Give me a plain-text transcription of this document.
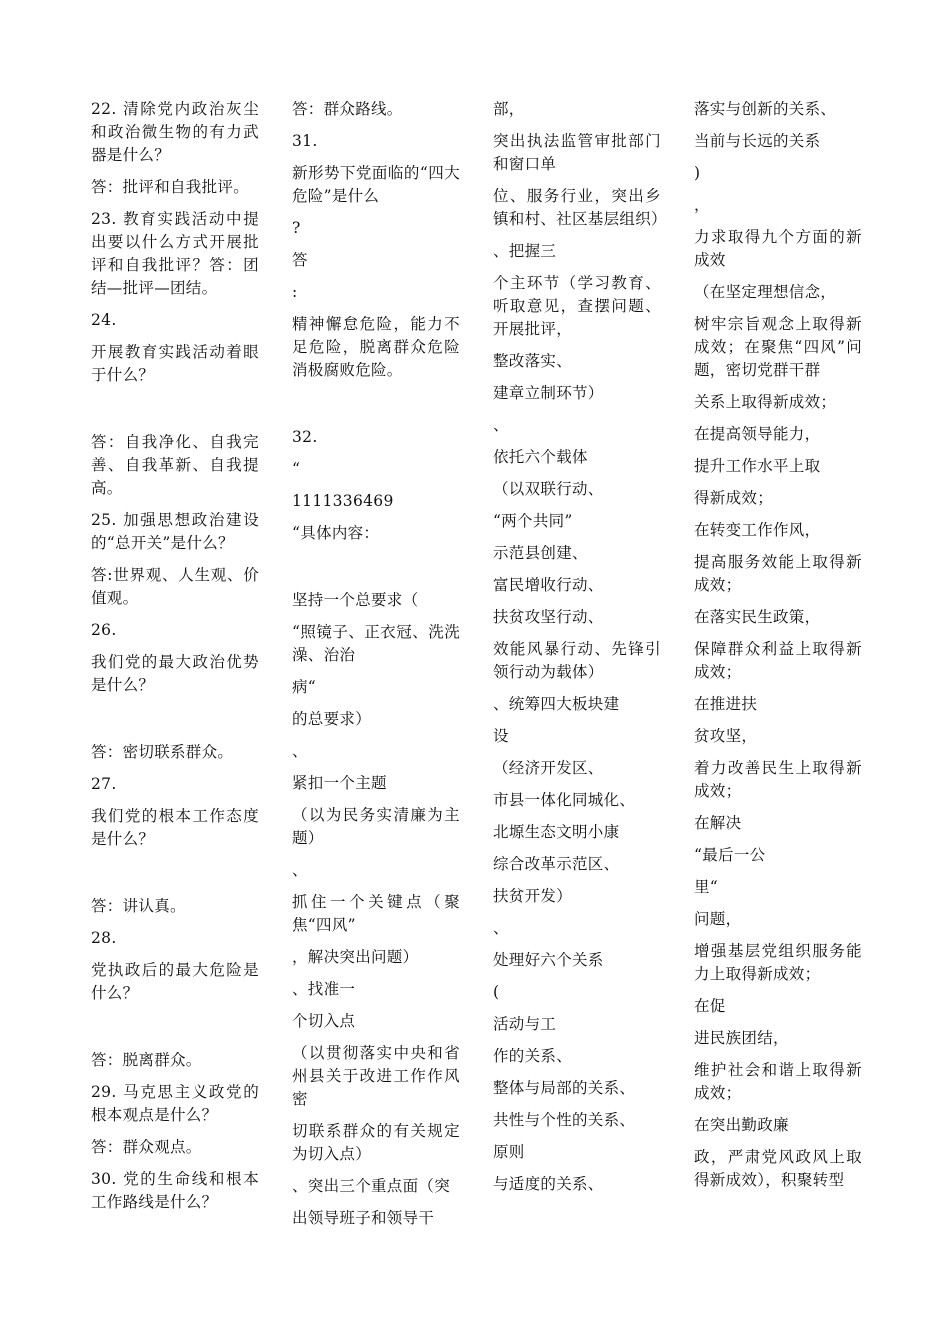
22. 清除党内政治灰尘和政治微生物的有力武器是什么？

答：批评和自我批评。

23. 教育实践活动中提出要以什么方式开展批评和自我批评？答：团结—批评—团结。

24.

开展教育实践活动着眼于什么？

答：自我净化、自我完善、自我革新、自我提高。

25. 加强思想政治建设的“总开关”是什么？

答:世界观、人生观、价值观。

26.

我们党的最大政治优势是什么？

答：密切联系群众。

27.

我们党的根本工作态度是什么？

答：讲认真。

28.

党执政后的最大危险是什么？

答：脱离群众。

29. 马克思主义政党的根本观点是什么？

答：群众观点。

30. 党的生命线和根本工作路线是什么？

答：群众路线。

31.

新形势下党面临的“四大危险”是什么

?

答

:

精神懈怠危险，能力不足危险，脱离群众危险消极腐败危险。

32.

“

1111336469

“具体内容：

坚持一个总要求（

“照镜子、正衣冠、洗洗澡、治治

病“

的总要求）

、

紧扣一个主题

（以为民务实清廉为主题）

、

抓住一个关键点（聚焦“四风”

，解决突出问题）

、找准一

个切入点

（以贯彻落实中央和省州县关于改进工作作风密

切联系群众的有关规定为切入点）

、突出三个重点面（突

出领导班子和领导干

部，

突出执法监管审批部门和窗口单

位、服务行业，突出乡镇和村、社区基层组织）

、把握三

个主环节（学习教育、听取意见，查摆问题、开展批评，

整改落实、

建章立制环节）

、

依托六个载体

（以双联行动、

“两个共同”

示范县创建、

富民增收行动、

扶贫攻坚行动、

效能风暴行动、先锋引领行动为载体）

、统筹四大板块建

设

（经济开发区、

市县一体化同城化、

北塬生态文明小康

综合改革示范区、

扶贫开发）

、

处理好六个关系

(

活动与工

作的关系、

整体与局部的关系、

共性与个性的关系、

原则

与适度的关系、

落实与创新的关系、

当前与长远的关系

)

，

力求取得九个方面的新成效

（在坚定理想信念，

树牢宗旨观念上取得新成效；在聚焦“四风”问题，密切党群干群

关系上取得新成效；

在提高领导能力，

提升工作水平上取

得新成效；

在转变工作作风，

提高服务效能上取得新成效；

在落实民生政策，

保障群众利益上取得新成效；

在推进扶

贫攻坚，

着力改善民生上取得新成效；

在解决

“最后一公

里“

问题，

增强基层党组织服务能力上取得新成效；

在促

进民族团结，

维护社会和谐上取得新成效；

在突出勤政廉

政，严肃党风政风上取得新成效），积聚转型
